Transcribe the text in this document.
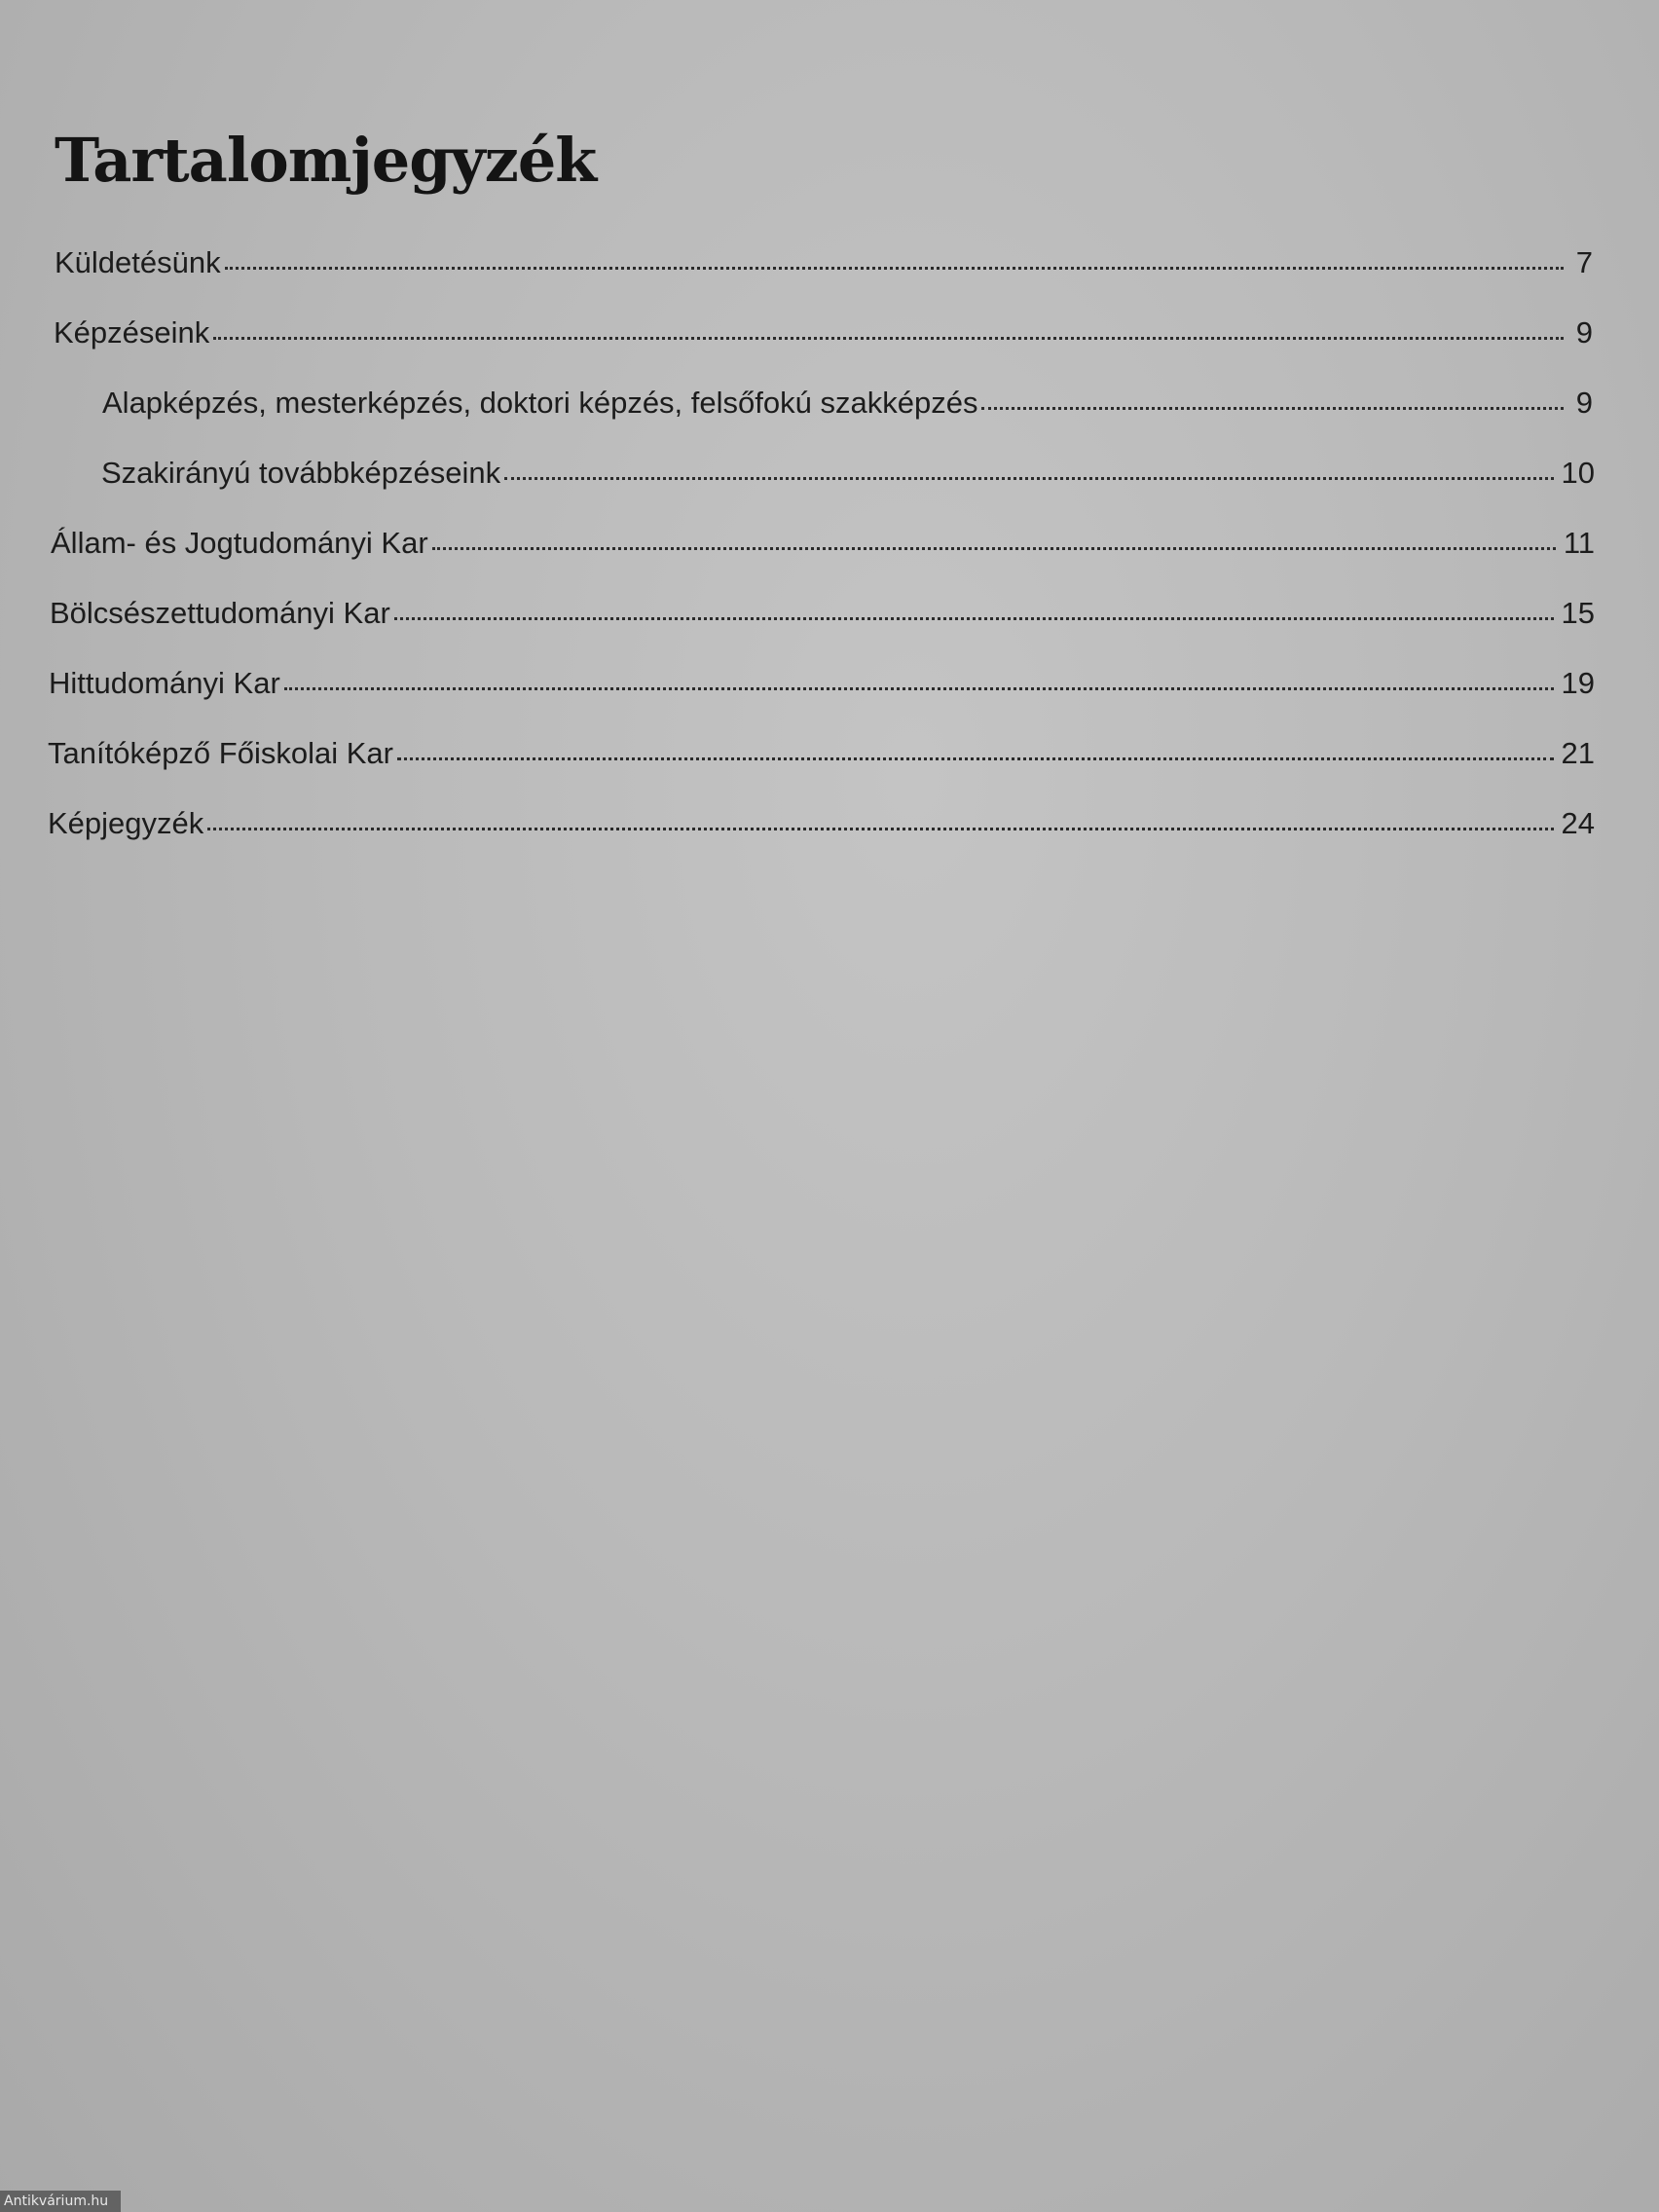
Tartalomjegyzék
Küldetésünk	7
Képzéseink	9
Alapképzés, mesterképzés, doktori képzés, felsőfokú szakképzés	9
Szakirányú továbbképzéseink	10
Állam- és Jogtudományi Kar	11
Bölcsészettudományi Kar	15
Hittudományi Kar	19
Tanítóképző Főiskolai Kar	21
Képjegyzék	24
Antikvárium.hu
